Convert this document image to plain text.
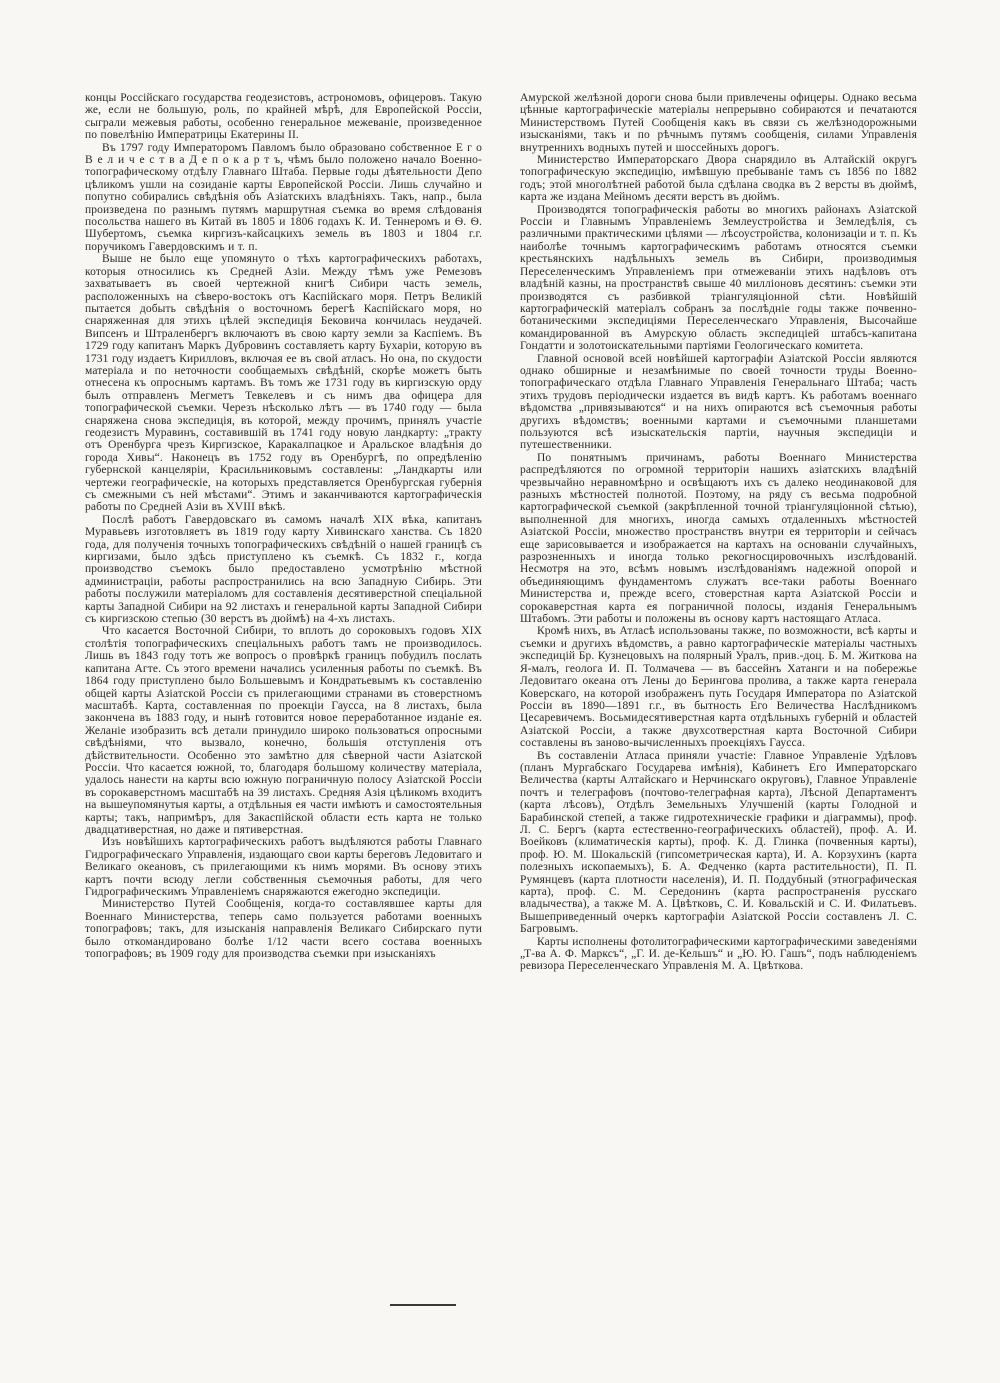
концы Россійскаго государства геодезистовъ, астрономовъ, офицеровъ. Такую же, если не большую, роль, по крайней мѣрѣ, для Европейской Россіи, сыграли межевыя работы, особенно генеральное межеваніе, произведенное по повелѣнію Императрицы Екатерины II.

Въ 1797 году Императоромъ Павломъ было образовано собственное Е г о В е л и ч е с т в а Д е п о к а р т ъ, чѣмъ было положено начало Военно-топографическому отдѣлу Главнаго Штаба. Первые годы дѣятельности Депо цѣликомъ ушли на созиданіе карты Европейской Россіи. Лишь случайно и попутно собирались свѣдѣнія объ Азіатскихъ владѣніяхъ. Такъ, напр., была произведена по разнымъ путямъ маршрутная съемка во время слѣдованія посольства нашего въ Китай въ 1805 и 1806 годахъ К. И. Теннеромъ и Ѳ. Ѳ. Шубертомъ, съемка киргизъ-кайсацкихъ земель въ 1803 и 1804 г.г. поручикомъ Гавердовскимъ и т. п.

Выше не было еще упомянуто о тѣхъ картографическихъ работахъ, которыя относились къ Средней Азіи. Между тѣмъ уже Ремезовъ захватываетъ въ своей чертежной книгѣ Сибири часть земель, расположенныхъ на сѣверо-востокъ отъ Каспійскаго моря. Петръ Великій пытается добыть свѣдѣнія о восточномъ берегѣ Каспійскаго моря, но снаряженная для этихъ цѣлей экспедиція Бековича кончилась неудачей. Випсенъ и Штраленбергъ включаютъ въ свою карту земли за Каспіемъ. Въ 1729 году капитанъ Маркъ Дубровинъ составляетъ карту Бухаріи, которую въ 1731 году издаетъ Кирилловъ, включая ее въ свой атласъ. Но она, по скудости матеріала и по неточности сообщаемыхъ свѣдѣній, скорѣе можетъ быть отнесена къ опроснымъ картамъ. Въ томъ же 1731 году въ киргизскую орду былъ отправленъ Мегметъ Тевкелевъ и съ нимъ два офицера для топографической съемки. Черезъ нѣсколько лѣтъ — въ 1740 году — была снаряжена снова экспедиція, въ которой, между прочимъ, принялъ участіе геодезистъ Муравинъ, составившій въ 1741 году новую ландкарту: „тракту отъ Оренбурга чрезъ Киргизское, Каракалпацкое и Аральское владѣнія до города Хивы“. Наконецъ въ 1752 году въ Оренбургѣ, по опредѣленію губернской канцеляріи, Красильниковымъ составлены: „Ландкарты или чертежи географическіе, на которыхъ представляется Оренбургская губернія съ смежными съ ней мѣстами“. Этимъ и заканчиваются картографическія работы по Средней Азіи въ XVIII вѣкѣ.

Послѣ работъ Гавердовскаго въ самомъ началѣ XIX вѣка, капитанъ Муравьевъ изготовляетъ въ 1819 году карту Хивинскаго ханства. Съ 1820 года, для полученія точныхъ топографическихъ свѣдѣній о нашей границѣ съ киргизами, было здѣсь приступлено къ съемкѣ. Съ 1832 г., когда производство съемокъ было предоставлено усмотрѣнію мѣстной администраціи, работы распространились на всю Западную Сибирь. Эти работы послужили матеріаломъ для составленія десятиверстной спеціальной карты Западной Сибири на 92 листахъ и генеральной карты Западной Сибири съ киргизскою степью (30 верстъ въ дюймѣ) на 4-хъ листахъ.

Что касается Восточной Сибири, то вплоть до сороковыхъ годовъ XIX столѣтія топографическихъ спеціальныхъ работъ тамъ не производилось. Лишь въ 1843 году тотъ же вопросъ о провѣркѣ границъ побудилъ послать капитана Агте. Съ этого времени начались усиленныя работы по съемкѣ. Въ 1864 году приступлено было Большевымъ и Кондратьевымъ къ составленію общей карты Азіатской Россіи съ прилегающими странами въ стоверстномъ масштабѣ. Карта, составленная по проекціи Гаусса, на 8 листахъ, была закончена въ 1883 году, и нынѣ готовится новое переработанное изданіе ея. Желаніе изобразить всѣ детали принудило широко пользоваться опросными свѣдѣніями, что вызвало, конечно, большія отступленія отъ дѣйствительности. Особенно это замѣтно для сѣверной части Азіатской Россіи. Что касается южной, то, благодаря большому количеству матеріала, удалось нанести на карты всю южную пограничную полосу Азіатской Россіи въ сорокаверстномъ масштабѣ на 39 листахъ. Средняя Азія цѣликомъ входитъ на вышеупомянутыя карты, а отдѣльныя ея части имѣютъ и самостоятельныя карты; такъ, напримѣръ, для Закаспійской области есть карта не только двадцативерстная, но даже и пятиверстная.

Изъ новѣйшихъ картографическихъ работъ выдѣляются работы Главнаго Гидрографическаго Управленія, издающаго свои карты береговъ Ледовитаго и Великаго океановъ, съ прилегающими къ нимъ морями. Въ основу этихъ картъ почти всюду легли собственныя съемочныя работы, для чего Гидрографическимъ Управленіемъ снаряжаются ежегодно экспедиціи.

Министерство Путей Сообщенія, когда-то составлявшее карты для Военнаго Министерства, теперь само пользуется работами военныхъ топографовъ; такъ, для изысканія направленія Великаго Сибирскаго пути было откомандировано болѣе 1/12 части всего состава военныхъ топографовъ; въ 1909 году для производства съемки при изысканіяхъ

Амурской желѣзной дороги снова были привлечены офицеры. Однако весьма цѣнные картографическіе матеріалы непрерывно собираются и печатаются Министерствомъ Путей Сообщенія какъ въ связи съ желѣзнодорожными изысканіями, такъ и по рѣчнымъ путямъ сообщенія, силами Управленія внутреннихъ водныхъ путей и шоссейныхъ дорогъ.

Министерство Императорскаго Двора снарядило въ Алтайскій округъ топографическую экспедицію, имѣвшую пребываніе тамъ съ 1856 по 1882 годъ; этой многолѣтней работой была сдѣлана сводка въ 2 версты въ дюймѣ, карта же издана Мейномъ десяти верстъ въ дюймъ.

Производятся топографическія работы во многихъ районахъ Азіатской Россіи и Главнымъ Управленіемъ Землеустройства и Земледѣлія, съ различными практическими цѣлями — лѣсоустройства, колонизаціи и т. п. Къ наиболѣе точнымъ картографическимъ работамъ относятся съемки крестьянскихъ надѣльныхъ земель въ Сибири, производимыя Переселенческимъ Управленіемъ при отмежеваніи этихъ надѣловъ отъ владѣній казны, на пространствѣ свыше 40 милліоновъ десятинъ: съемки эти производятся съ разбивкой тріангуляціонной сѣти. Новѣйшій картографическій матеріалъ собранъ за послѣдніе годы также почвенно-ботаническими экспедиціями Переселенческаго Управленія, Высочайше командированной въ Амурскую область экспедиціей штабсъ-капитана Гондатти и золотоискательными партіями Геологическаго комитета.

Главной основой всей новѣйшей картографіи Азіатской Россіи являются однако обширные и незамѣнимые по своей точности труды Военно-топографическаго отдѣла Главнаго Управленія Генеральнаго Штаба; часть этихъ трудовъ періодически издается въ видѣ картъ. Къ работамъ военнаго вѣдомства „привязываются“ и на нихъ опираются всѣ съемочныя работы другихъ вѣдомствъ; военными картами и съемочными планшетами пользуются всѣ изыскательскія партіи, научныя экспедиціи и путешественники.

По понятнымъ причинамъ, работы Военнаго Министерства распредѣляются по огромной территоріи нашихъ азіатскихъ владѣній чрезвычайно неравномѣрно и освѣщаютъ ихъ съ далеко неодинаковой для разныхъ мѣстностей полнотой. Поэтому, на ряду съ весьма подробной картографической съемкой (закрѣпленной точной тріангуляціонной сѣтью), выполненной для многихъ, иногда самыхъ отдаленныхъ мѣстностей Азіатской Россіи, множество пространствъ внутри ея территоріи и сейчасъ еще зарисовывается и изображается на картахъ на основаніи случайныхъ, разрозненныхъ и иногда только рекогносцировочныхъ изслѣдованій. Несмотря на это, всѣмъ новымъ изслѣдованіямъ надежной опорой и объединяющимъ фундаментомъ служатъ все-таки работы Военнаго Министерства и, прежде всего, стоверстная карта Азіатской Россіи и сорокаверстная карта ея пограничной полосы, изданія Генеральнымъ Штабомъ. Эти работы и положены въ основу картъ настоящаго Атласа.

Кромѣ нихъ, въ Атласѣ использованы также, по возможности, всѣ карты и съемки и другихъ вѣдомствъ, а равно картографическіе матеріалы частныхъ экспедицій Бр. Кузнецовыхъ на полярный Уралъ, прив.-доц. Б. М. Житкова на Я-малъ, геолога И. П. Толмачева — въ бассейнъ Хатанги и на побережье Ледовитаго океана отъ Лены до Берингова пролива, а также карта генерала Коверскаго, на которой изображенъ путь Государя Императора по Азіатской Россіи въ 1890—1891 г.г., въ бытность Его Величества Наслѣдникомъ Цесаревичемъ. Восьмидесятиверстная карта отдѣльныхъ губерній и областей Азіатской Россіи, а также двухсотверстная карта Восточной Сибири составлены въ заново-вычисленныхъ проекціяхъ Гаусса.

Въ составленіи Атласа приняли участіе: Главное Управленіе Удѣловъ (планъ Мургабскаго Государева имѣнія), Кабинетъ Его Императорскаго Величества (карты Алтайскаго и Нерчинскаго округовъ), Главное Управленіе почтъ и телеграфовъ (почтово-телеграфная карта), Лѣсной Департаментъ (карта лѣсовъ), Отдѣлъ Земельныхъ Улучшеній (карты Голодной и Барабинской степей, а также гидротехническіе графики и діаграммы), проф. Л. С. Бергъ (карта естественно-географическихъ областей), проф. А. И. Воейковъ (климатическія карты), проф. К. Д. Глинка (почвенныя карты), проф. Ю. М. Шокальскій (гипсометрическая карта), И. А. Корзухинъ (карта полезныхъ ископаемыхъ), Б. А. Федченко (карта растительности), П. П. Румянцевъ (карта плотности населенія), И. П. Поддубный (этнографическая карта), проф. С. М. Середонинъ (карта распространенія русскаго владычества), а также М. А. Цвѣтковъ, С. И. Ковальскій и С. И. Филатьевъ. Вышеприведенный очеркъ картографіи Азіатской Россіи составленъ Л. С. Багровымъ.

Карты исполнены фотолитографическими картографическими заведеніями „Т-ва А. Ф. Марксъ“, „Г. И. де-Кельшъ“ и „Ю. Ю. Гашъ“, подъ наблюденіемъ ревизора Переселенческаго Управленія М. А. Цвѣткова.
